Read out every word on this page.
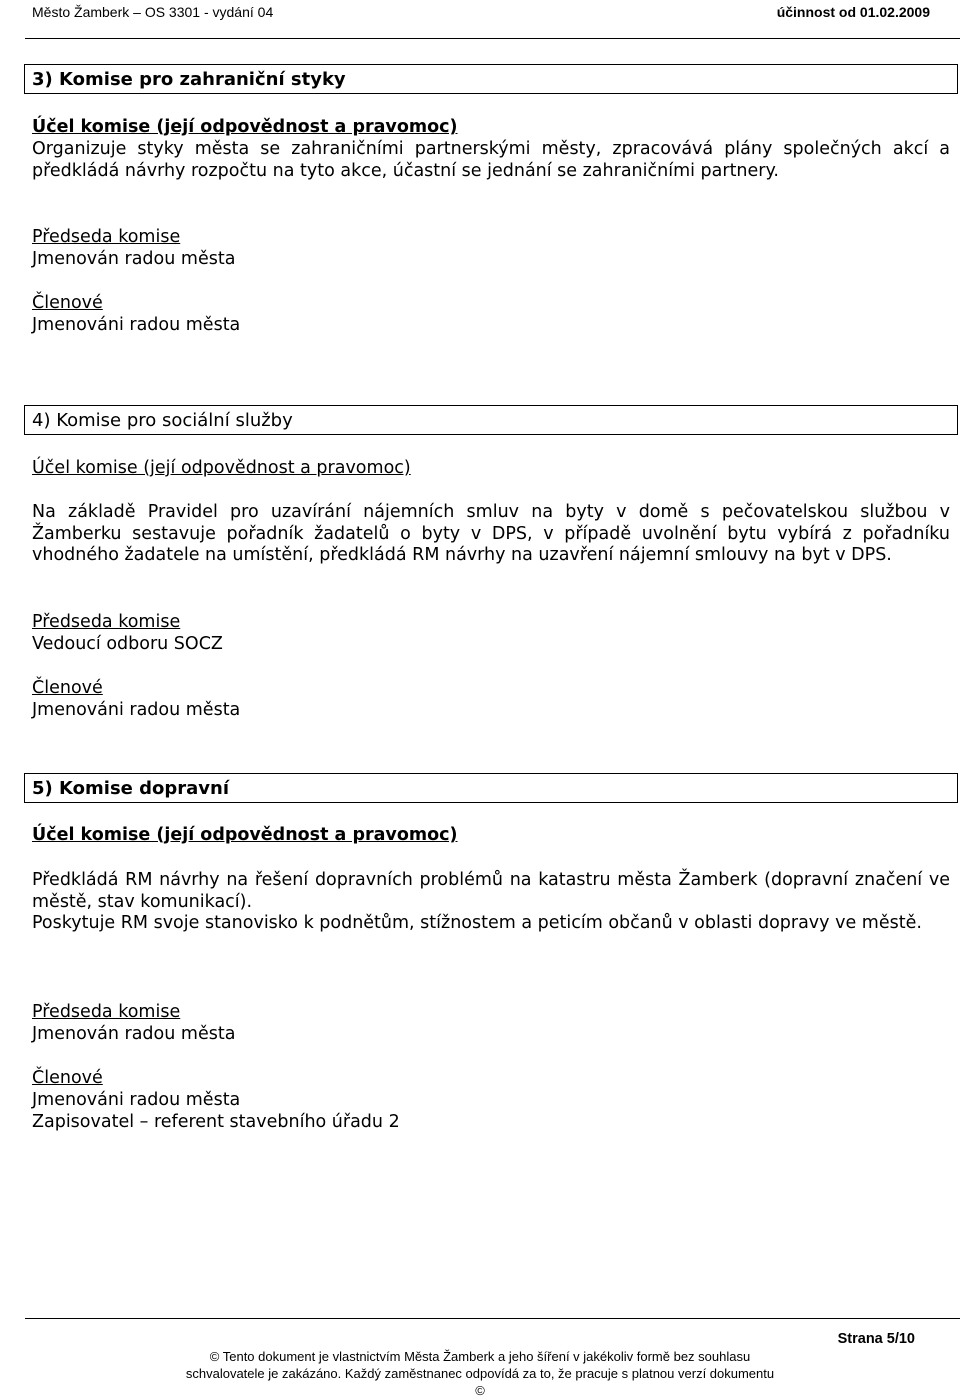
Město Žamberk – OS 3301 - vydání 04	účinnost od 01.02.2009
3) Komise pro zahraniční styky
Účel komise (její odpovědnost a pravomoc)
Organizuje styky města se zahraničními partnerskými městy, zpracovává plány společných akcí a předkládá návrhy rozpočtu na tyto akce, účastní se jednání se zahraničními partnery.
Předseda komise
Jmenován radou města
Členové
Jmenováni radou města
4) Komise pro sociální služby
Účel komise (její odpovědnost a pravomoc)
Na základě Pravidel pro uzavírání nájemních smluv na byty v domě s pečovatelskou službou v Žamberku sestavuje pořadník žadatelů o byty v DPS, v případě uvolnění bytu vybírá z pořadníku vhodného žadatele na umístění, předkládá RM návrhy na uzavření nájemní smlouvy na byt v DPS.
Předseda komise
Vedoucí odboru SOCZ
Členové
Jmenováni radou města
5) Komise dopravní
Účel komise (její odpovědnost a pravomoc)
Předkládá RM návrhy na řešení dopravních problémů na katastru města Žamberk (dopravní značení ve městě, stav komunikací).
Poskytuje RM svoje stanovisko k podnětům, stížnostem a peticím občanů v oblasti dopravy ve městě.
Předseda komise
Jmenován radou města
Členové
Jmenováni radou města
Zapisovatel – referent stavebního úřadu 2
Strana 5/10
© Tento dokument je vlastnictvím Města Žamberk a jeho šíření v jakékoliv formě bez souhlasu
schvalovatele je zakázáno. Každý zaměstnanec odpovídá za to, že pracuje s platnou verzí dokumentu ©
